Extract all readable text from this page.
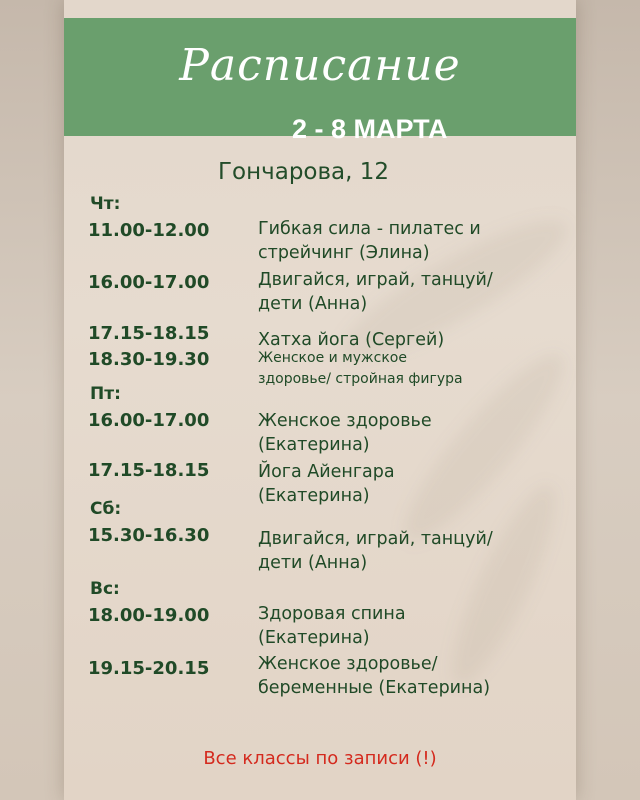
Расписание
2 - 8 МАРТА
Гончарова, 12
Чт:
11.00-12.00	Гибкая сила - пилатес и
стрейчинг (Элина)
16.00-17.00	Двигайся, играй, танцуй/
дети (Анна)
17.15-18.15	Хатха йога (Сергей)
18.30-19.30	Женское и мужское
здоровье/ стройная фигура
Пт:
16.00-17.00	Женское здоровье
(Екатерина)
17.15-18.15	Йога Айенгара
(Екатерина)
Сб:
15.30-16.30	Двигайся, играй, танцуй/
дети (Анна)
Вс:
18.00-19.00	Здоровая спина
(Екатерина)
19.15-20.15	Женское здоровье/
беременные (Екатерина)
Все классы по записи (!)
